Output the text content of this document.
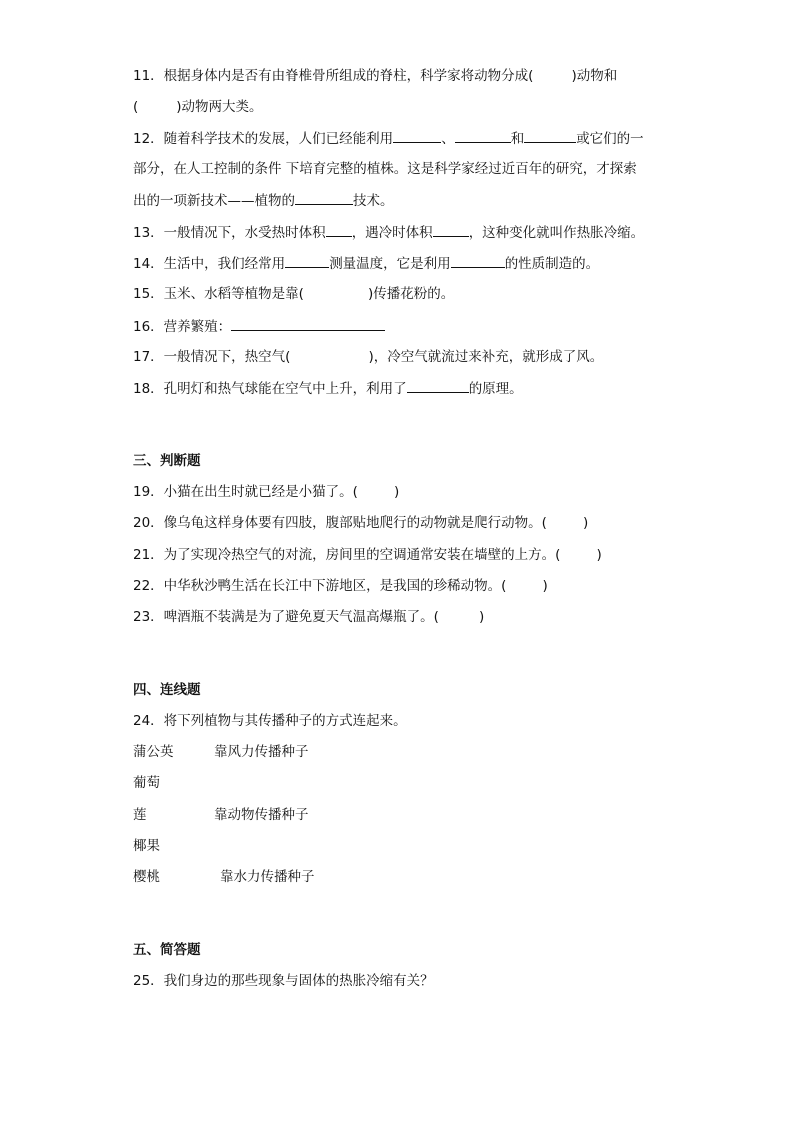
11．根据身体内是否有由脊椎骨所组成的脊柱，科学家将动物分成(	)动物和
(	)动物两大类。
12．随着科学技术的发展，人们已经能利用	、	和	或它们的一
部分，在人工控制的条件 下培育完整的植株。这是科学家经过近百年的研究，才探索
出的一项新技术——植物的	技术。
13．一般情况下，水受热时体积 ，遇冷时体积	，这种变化就叫作热胀冷缩。
14．生活中，我们经常用	测量温度，它是利用	的性质制造的。
15．玉米、水稻等植物是靠(	)传播花粉的。
16．营养繁殖：
17．一般情况下，热空气(	)，冷空气就流过来补充，就形成了风。
18．孔明灯和热气球能在空气中上升，利用了	的原理。
三、判断题
19．小猫在出生时就已经是小猫了。(	)
20．像乌龟这样身体要有四肢，腹部贴地爬行的动物就是爬行动物。(	)
21．为了实现冷热空气的对流，房间里的空调通常安装在墙壁的上方。(	)
22．中华秋沙鸭生活在长江中下游地区，是我国的珍稀动物。(	)
23．啤酒瓶不装满是为了避免夏天气温高爆瓶了。(	)
四、连线题
24．将下列植物与其传播种子的方式连起来。
蒲公英	靠风力传播种子
葡萄
莲	靠动物传播种子
椰果
樱桃	靠水力传播种子
五、简答题
25．我们身边的那些现象与固体的热胀冷缩有关？
